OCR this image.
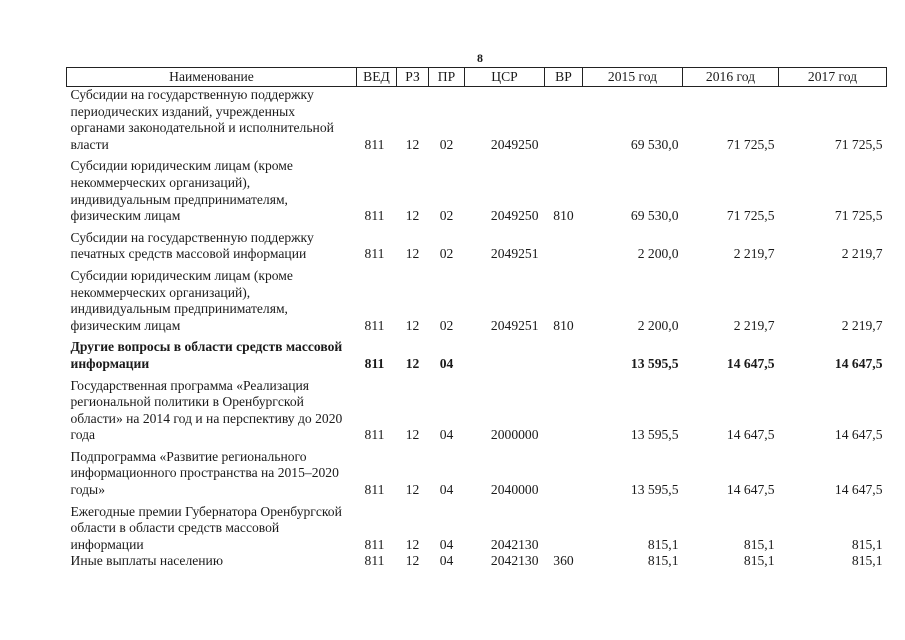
8
Наименование	ВЕД	РЗ	ПР	ЦСР	ВР	2015 год	2016 год	2017 год
Субсидии на государственную поддержку периодических изданий, учрежденных органами законодательной и исполнительной власти	811	12	02	2049250		69 530,0	71 725,5	71 725,5
Субсидии юридическим лицам (кроме некоммерческих организаций), индивидуальным предпринимателям, физическим лицам	811	12	02	2049250	810	69 530,0	71 725,5	71 725,5
Субсидии на государственную поддержку печатных средств массовой информации	811	12	02	2049251		2 200,0	2 219,7	2 219,7
Субсидии юридическим лицам (кроме некоммерческих организаций), индивидуальным предпринимателям, физическим лицам	811	12	02	2049251	810	2 200,0	2 219,7	2 219,7
Другие вопросы в области средств массовой информации	811	12	04			13 595,5	14 647,5	14 647,5
Государственная программа «Реализация региональной политики в Оренбургской области» на 2014 год и на перспективу до 2020 года	811	12	04	2000000		13 595,5	14 647,5	14 647,5
Подпрограмма «Развитие регионального информационного пространства на 2015–2020 годы»	811	12	04	2040000		13 595,5	14 647,5	14 647,5
Ежегодные премии Губернатора Оренбургской области в области средств массовой информации	811	12	04	2042130		815,1	815,1	815,1
Иные выплаты населению	811	12	04	2042130	360	815,1	815,1	815,1
